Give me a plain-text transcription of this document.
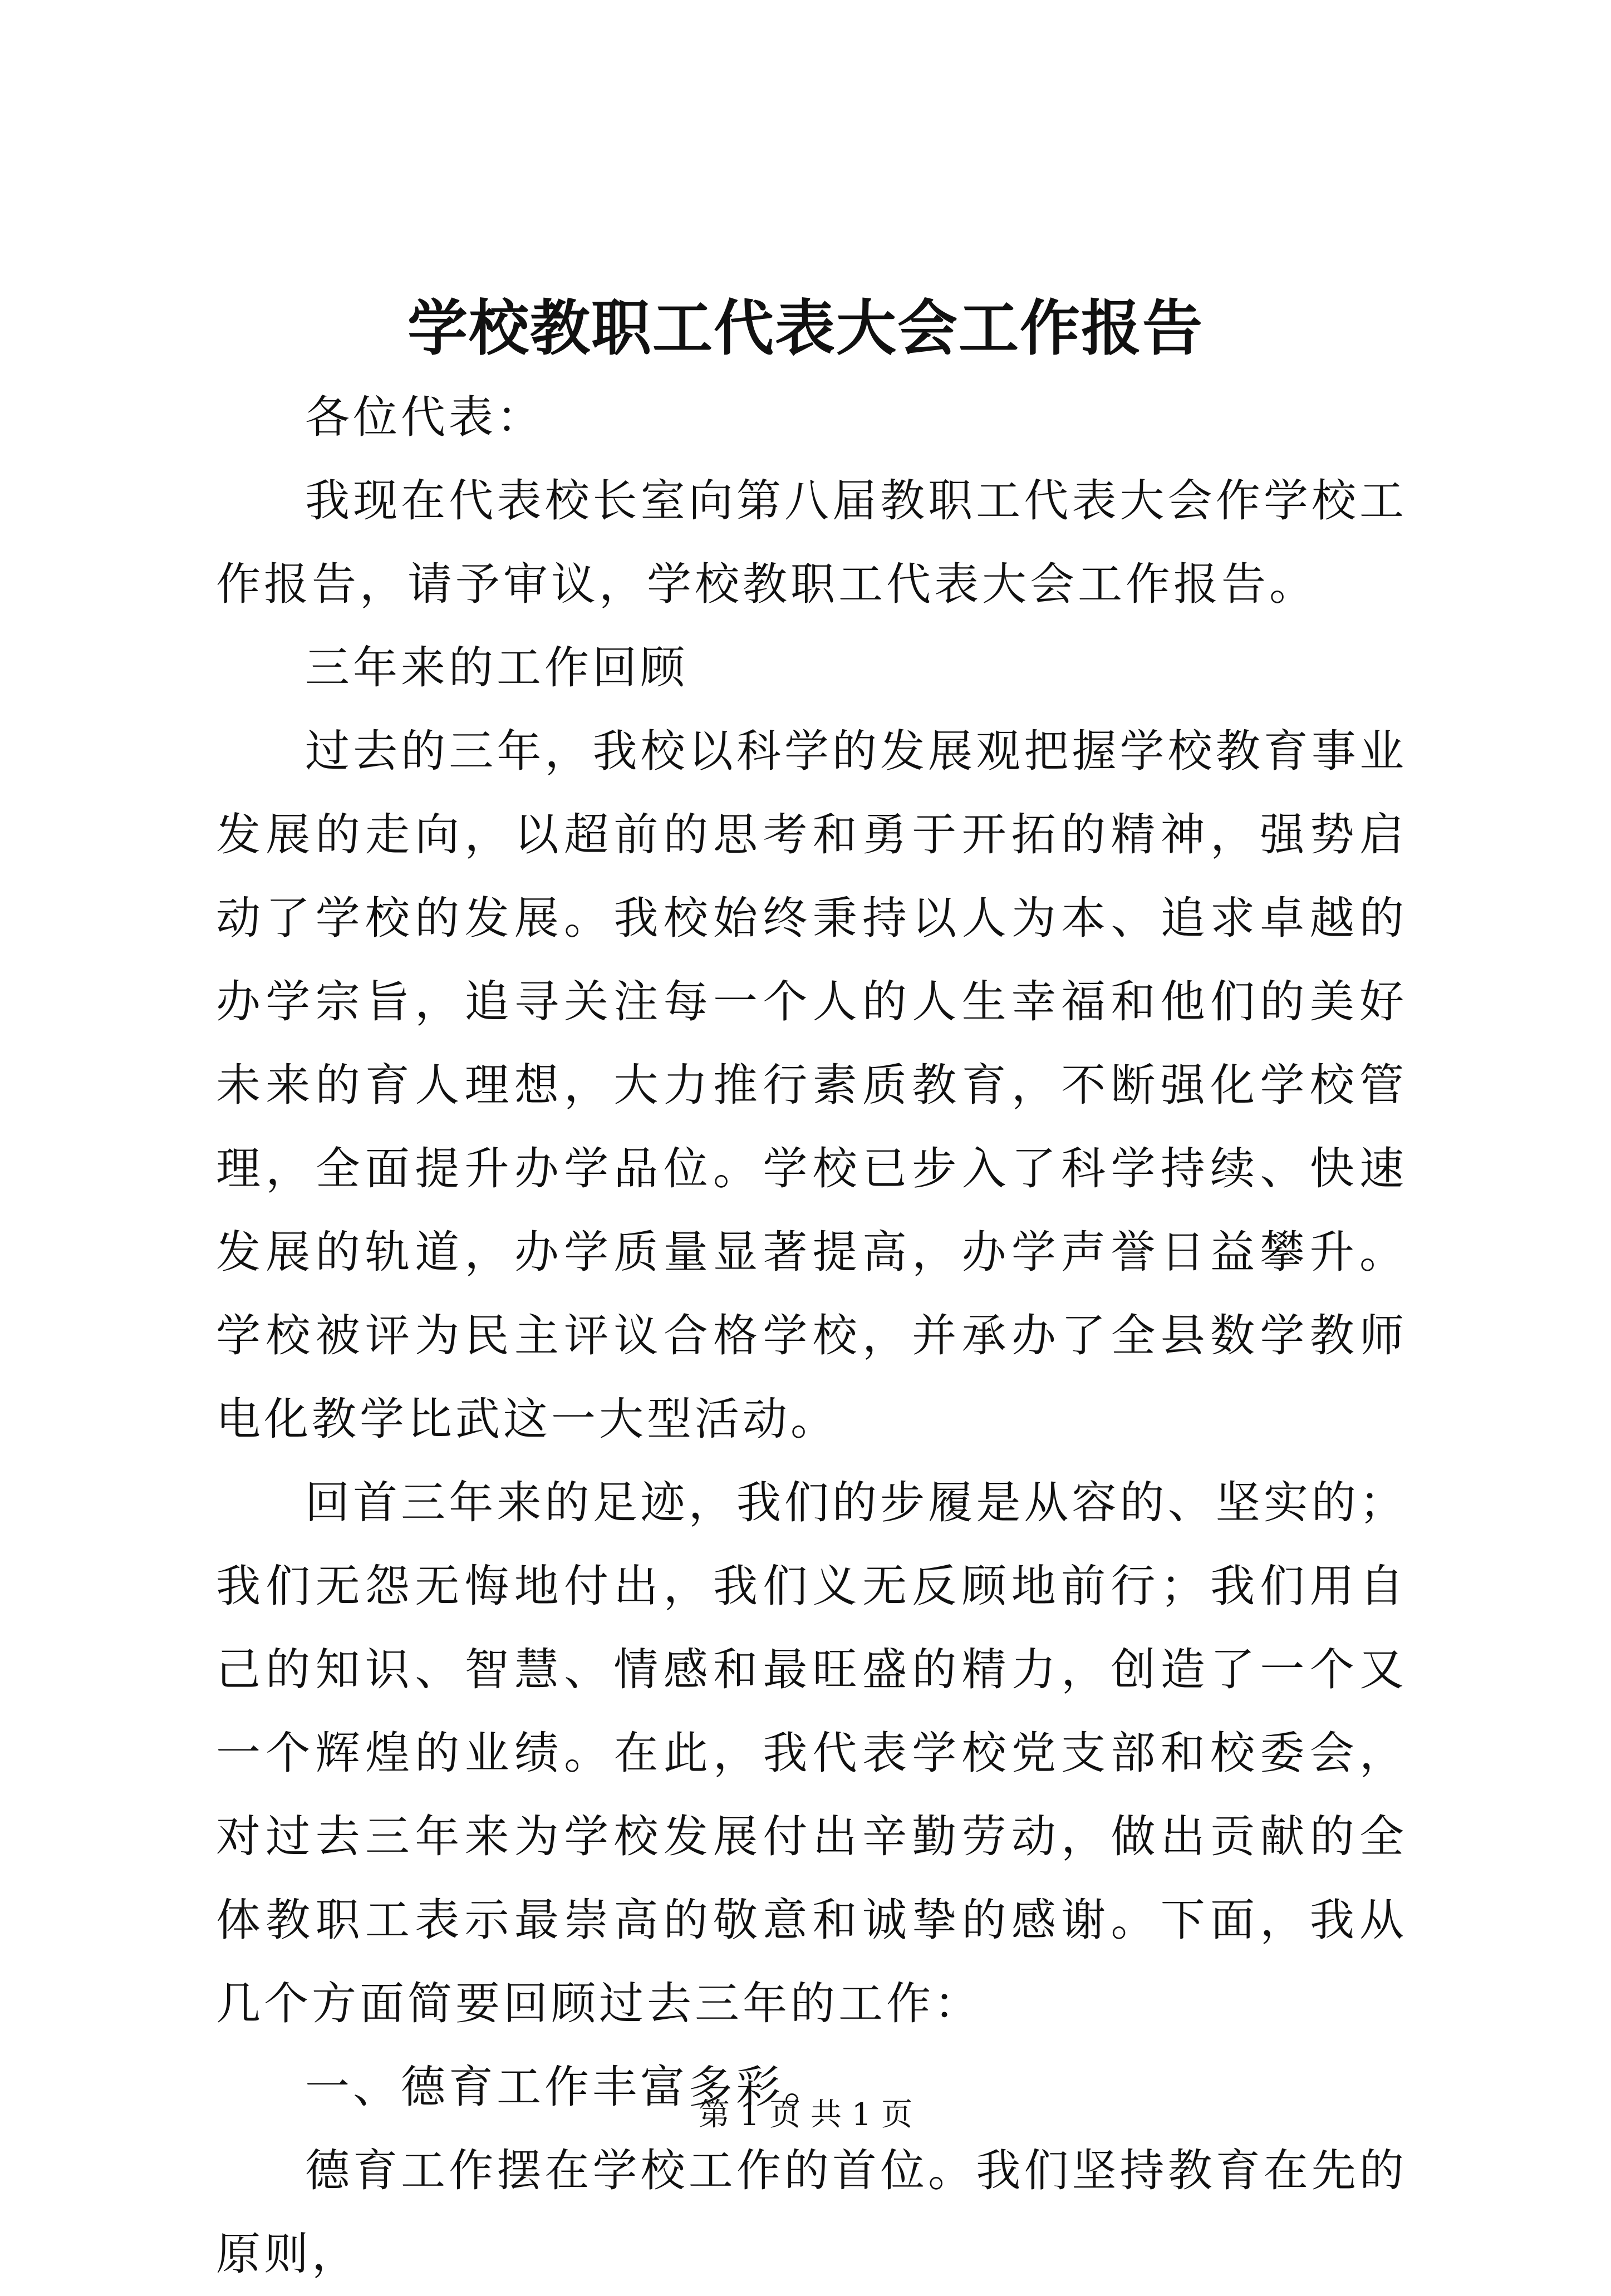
学校教职工代表大会工作报告

各位代表：

我现在代表校长室向第八届教职工代表大会作学校工作报告，请予审议，学校教职工代表大会工作报告。

三年来的工作回顾

过去的三年，我校以科学的发展观把握学校教育事业发展的走向，以超前的思考和勇于开拓的精神，强势启动了学校的发展。我校始终秉持以人为本、追求卓越的办学宗旨，追寻关注每一个人的人生幸福和他们的美好未来的育人理想，大力推行素质教育，不断强化学校管理，全面提升办学品位。学校已步入了科学持续、快速发展的轨道，办学质量显著提高，办学声誉日益攀升。学校被评为民主评议合格学校，并承办了全县数学教师电化教学比武这一大型活动。

回首三年来的足迹，我们的步履是从容的、坚实的；我们无怨无悔地付出，我们义无反顾地前行；我们用自己的知识、智慧、情感和最旺盛的精力，创造了一个又一个辉煌的业绩。在此，我代表学校党支部和校委会，对过去三年来为学校发展付出辛勤劳动，做出贡献的全体教职工表示最崇高的敬意和诚挚的感谢。下面，我从几个方面简要回顾过去三年的工作：

一、德育工作丰富多彩。

德育工作摆在学校工作的首位。我们坚持教育在先的原则，

第 1 页 共 1 页
